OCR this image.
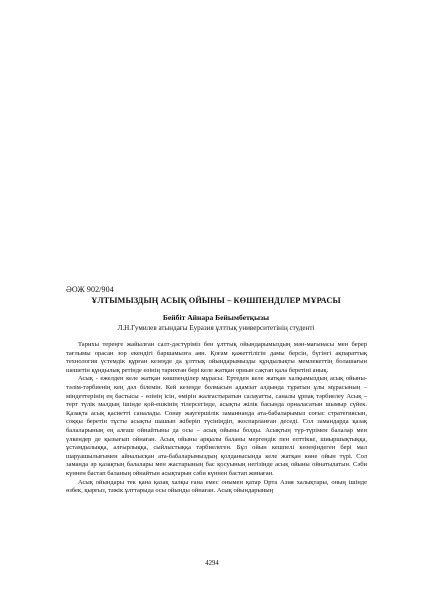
ӘОЖ 902/904
ҰЛТЫМЫЗДЫҢ АСЫҚ ОЙЫНЫ – КӨШПЕНДІЛЕР МҰРАСЫ
Бейбіт Айнара Бейымбетқызы
Л.Н.Гумилев атындағы Еуразия ұлттық университетінің студенті

Тарихы тереңге жайылған салт-дәстүріміз бен ұлттық ойындарымыздың мән-мағынасы мен берер тағлымы орасан зор екендігі баршамызға аян. Қоғам қажеттілігін дамы берсін, бүгінгі ақпараттық технология үстемдік құрған кезеңде да ұлттық ойындарымызды құндылықты мемлекеттің болашағын шешетін құндылық ретінде өзінің тарихтан бері келе жатқан орнын сақтап қала беретіні анық.

Асық - ежелден келе жатқан көшпенділер мұрасы. Ертеден келе жатқан халқымыздың асық ойыны- тәлім-тәрбиенің кең дәл білемін. Кей кезеңде болмасын адамзат алдында тұратын ұлы мұрасының – міндеттерінің ең бастысы - өзінің ісін, өмірін жалғастыратын салауатты, саналы ұрпақ тәрбиелеу Асық – терт түлік малдың ішінде қой-ешкінің тілерсегінде, асықты жілік басында орналасатын шымыр сүйек. Қазақта асық қасиетті саналады. Сонау жаугершілік заманнанда ата-бабаларымыз соғыс стратегиясын, соққы беретін тұсты асықты шашып жіберіп түсініңдіп, жоспарланған деседі. Сол замандарда қазақ балаларының ең алғаш ойнайтыны да осы – асық ойыны болды. Асықтың түр-түрімен балалар мен үлкендер де қызығып ойнаған. Асық ойыны арқылы баланы мергендік пен епттікке, шиыршықтыққа, ұстамдылыққа, алғырлыққа, сыйлыстыққа тәрбиелеген. Бұл ойын кешпелі көзеңіндеген бері мал шаруашылығымен айналысқан ата-бабаларымыздың қолданысында келе жатқан көне ойын түрі. Сол заманда әр қазақтың балалары мен жастарының бас қосуының негізінде асық ойыны ойнатылатын. Сәби күннен бастап баланың ойнайтын асықтарын сәби күннен бастап жинаған.

Асық ойындары тек қана қазақ халқы ғана емес онымен қатар Орта Азия халықтары, оның ішінде өзбек, қырғыз, тәжік ұлттарыда осы ойынды ойнаған. Асық ойындарының

4294
